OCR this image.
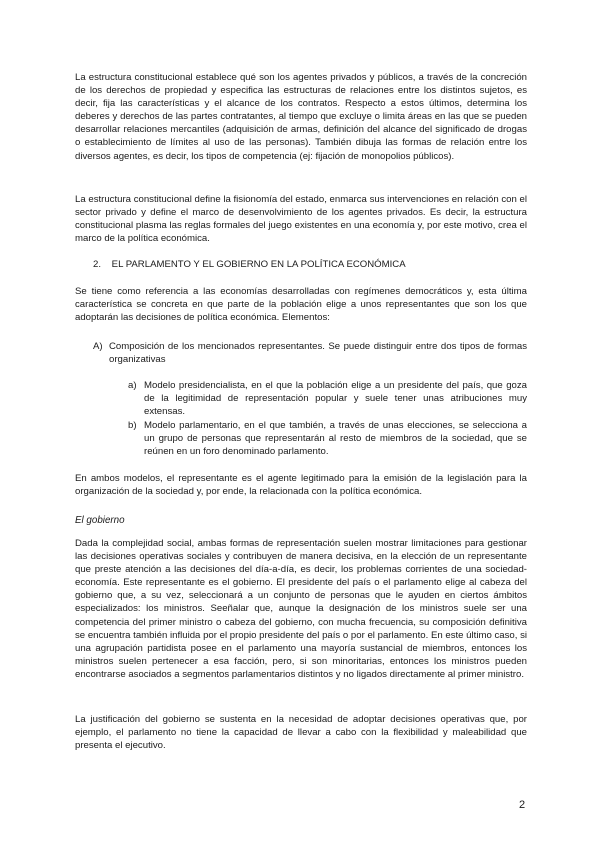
La estructura constitucional establece qué son los agentes privados y públicos, a través de la concreción de los derechos de propiedad y especifica las estructuras de relaciones entre los distintos sujetos, es decir, fija las características y el alcance de los contratos. Respecto a estos últimos, determina los deberes y derechos de las partes contratantes, al tiempo que excluye o limita áreas en las que se pueden desarrollar relaciones mercantiles (adquisición de armas, definición del alcance del significado de drogas o establecimiento de límites al uso de las personas). También dibuja las formas de relación entre los diversos agentes, es decir, los tipos de competencia (ej: fijación de monopolios públicos).

La estructura constitucional define la fisionomía del estado, enmarca sus intervenciones en relación con el sector privado y define el marco de desenvolvimiento de los agentes privados. Es decir, la estructura constitucional plasma las reglas formales del juego existentes en una economía y, por este motivo, crea el marco de la política económica.

2. EL PARLAMENTO Y EL GOBIERNO EN LA POLÍTICA ECONÓMICA

Se tiene como referencia a las economías desarrolladas con regímenes democráticos y, esta última característica se concreta en que parte de la población elige a unos representantes que son los que adoptarán las decisiones de política económica. Elementos:

A) Composición de los mencionados representantes. Se puede distinguir entre dos tipos de formas organizativas
a) Modelo presidencialista, en el que la población elige a un presidente del país, que goza de la legitimidad de representación popular y suele tener unas atribuciones muy extensas.
b) Modelo parlamentario, en el que también, a través de unas elecciones, se selecciona a un grupo de personas que representarán al resto de miembros de la sociedad, que se reúnen en un foro denominado parlamento.

En ambos modelos, el representante es el agente legitimado para la emisión de la legislación para la organización de la sociedad y, por ende, la relacionada con la política económica.

El gobierno

Dada la complejidad social, ambas formas de representación suelen mostrar limitaciones para gestionar las decisiones operativas sociales y contribuyen de manera decisiva, en la elección de un representante que preste atención a las decisiones del día-a-día, es decir, los problemas corrientes de una sociedad-economía. Este representante es el gobierno. El presidente del país o el parlamento elige al cabeza del gobierno que, a su vez, seleccionará a un conjunto de personas que le ayuden en ciertos ámbitos especializados: los ministros. Seeñalar que, aunque la designación de los ministros suele ser una competencia del primer ministro o cabeza del gobierno, con mucha frecuencia, su composición definitiva se encuentra también influida por el propio presidente del país o por el parlamento. En este último caso, si una agrupación partidista posee en el parlamento una mayoría sustancial de miembros, entonces los ministros suelen pertenecer a esa facción, pero, si son minoritarias, entonces los ministros pueden encontrarse asociados a segmentos parlamentarios distintos y no ligados directamente al primer ministro.

La justificación del gobierno se sustenta en la necesidad de adoptar decisiones operativas que, por ejemplo, el parlamento no tiene la capacidad de llevar a cabo con la flexibilidad y maleabilidad que presenta el ejecutivo.

2
